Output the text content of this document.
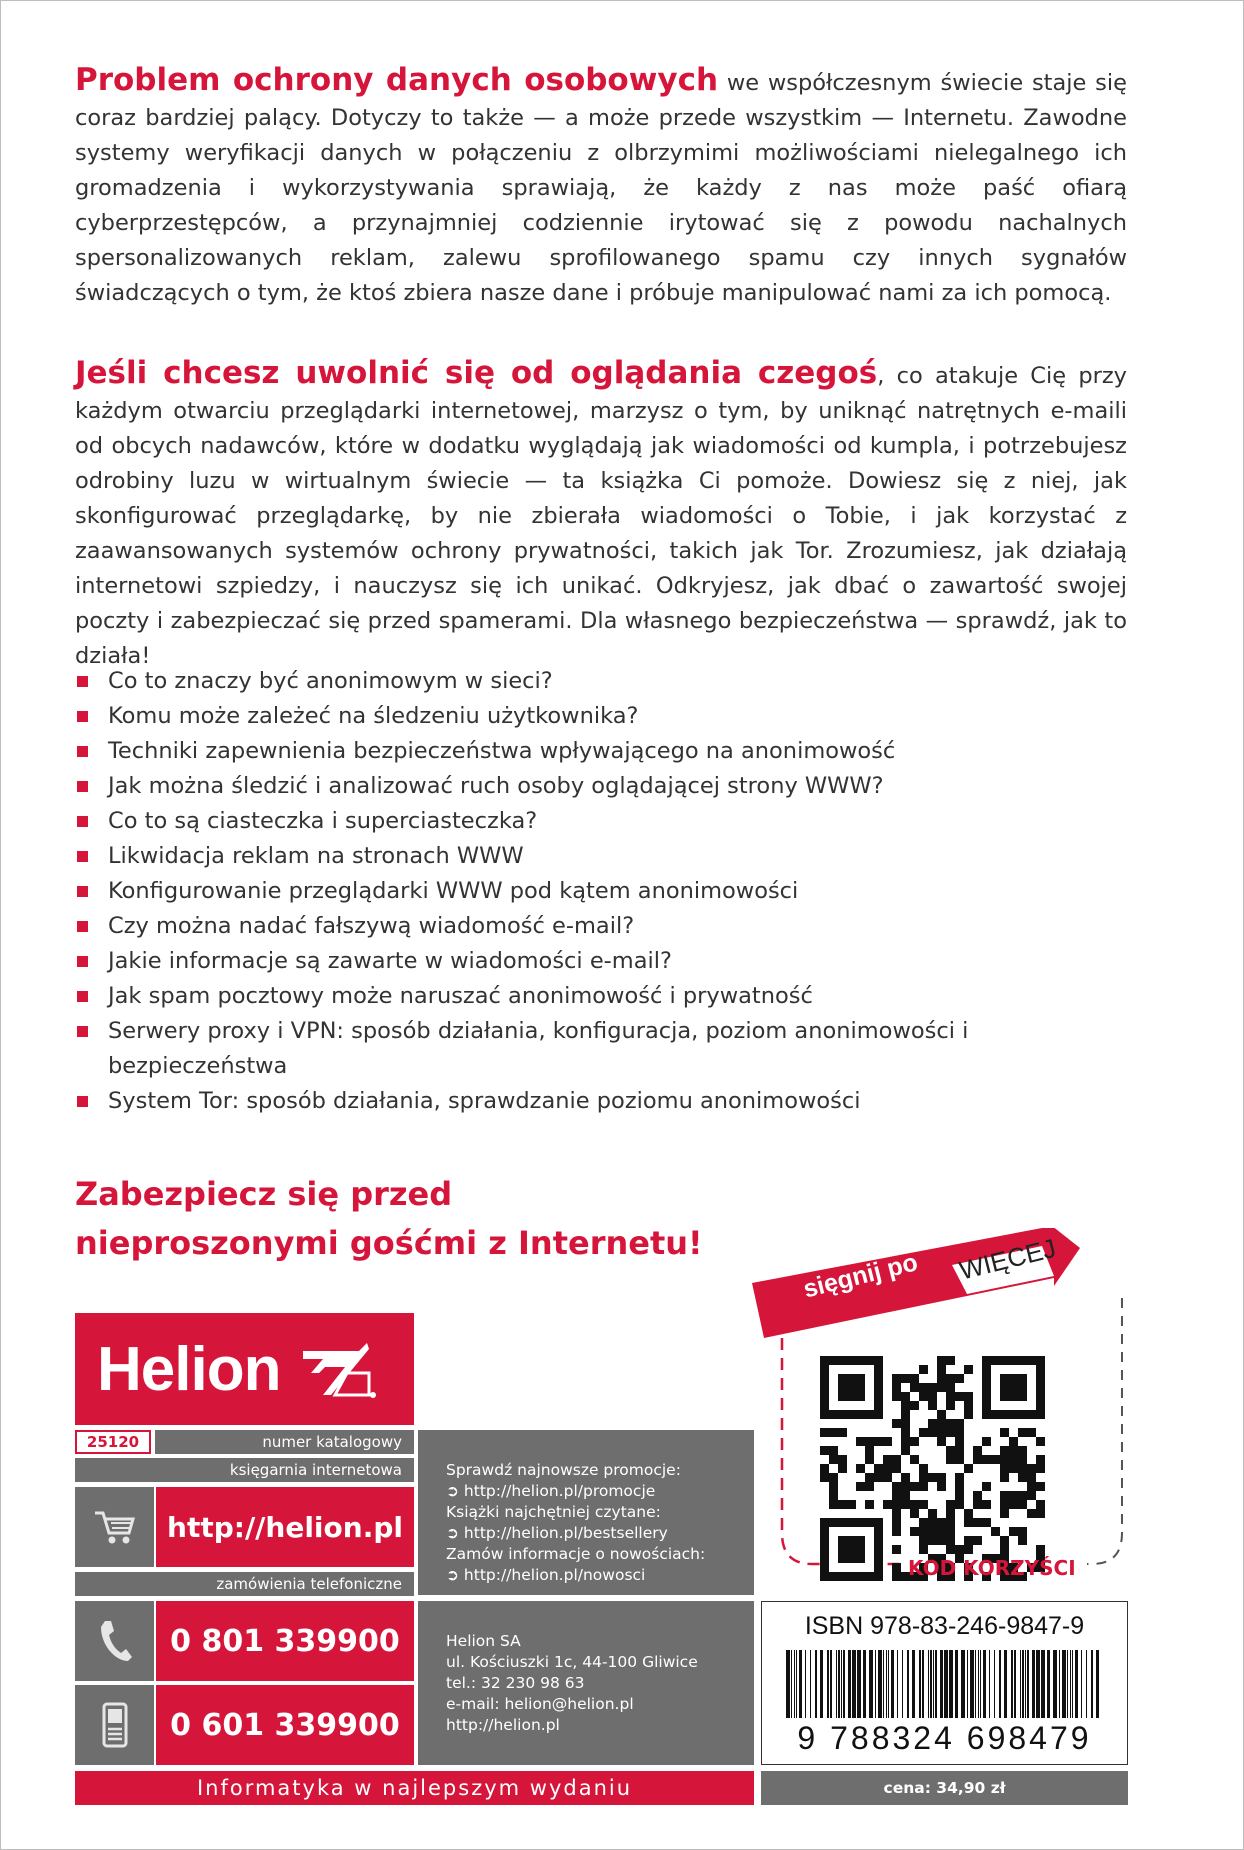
Problem ochrony danych osobowych we współczesnym świecie staje się coraz bardziej palący. Dotyczy to także — a może przede wszystkim — Internetu. Zawodne systemy weryfikacji danych w połączeniu z olbrzymimi możliwościami nielegalnego ich gromadzenia i wykorzystywania sprawiają, że każdy z nas może paść ofiarą cyberprzestępców, a przynajmniej codziennie irytować się z powodu nachalnych spersonalizowanych reklam, zalewu sprofilowanego spamu czy innych sygnałów świadczących o tym, że ktoś zbiera nasze dane i próbuje manipulować nami za ich pomocą.

Jeśli chcesz uwolnić się od oglądania czegoś, co atakuje Cię przy każdym otwarciu przeglądarki internetowej, marzysz o tym, by uniknąć natrętnych e-maili od obcych nadawców, które w dodatku wyglądają jak wiadomości od kumpla, i potrzebujesz odrobiny luzu w wirtualnym świecie — ta książka Ci pomoże. Dowiesz się z niej, jak skonfigurować przeglądarkę, by nie zbierała wiadomości o Tobie, i jak korzystać z zaawansowanych systemów ochrony prywatności, takich jak Tor. Zrozumiesz, jak działają internetowi szpiedzy, i nauczysz się ich unikać. Odkryjesz, jak dbać o zawartość swojej poczty i zabezpieczać się przed spamerami. Dla własnego bezpieczeństwa — sprawdź, jak to działa!

Co to znaczy być anonimowym w sieci?
Komu może zależeć na śledzeniu użytkownika?
Techniki zapewnienia bezpieczeństwa wpływającego na anonimowość
Jak można śledzić i analizować ruch osoby oglądającej strony WWW?
Co to są ciasteczka i superciasteczka?
Likwidacja reklam na stronach WWW
Konfigurowanie przeglądarki WWW pod kątem anonimowości
Czy można nadać fałszywą wiadomość e-mail?
Jakie informacje są zawarte w wiadomości e-mail?
Jak spam pocztowy może naruszać anonimowość i prywatność
Serwery proxy i VPN: sposób działania, konfiguracja, poziom anonimowości i bezpieczeństwa
System Tor: sposób działania, sprawdzanie poziomu anonimowości
Zabezpiecz się przed
nieproszonymi gośćmi z Internetu!
Helion
25120	numer katalogowy
księgarnia internetowa
http://helion.pl
zamówienia telefoniczne
0 801 339900
0 601 339900
Sprawdź najnowsze promocje:
➲ http://helion.pl/promocje
Książki najchętniej czytane:
➲ http://helion.pl/bestsellery
Zamów informacje o nowościach:
➲ http://helion.pl/nowosci
Helion SA
ul. Kościuszki 1c, 44-100 Gliwice
tel.: 32 230 98 63
e-mail: helion@helion.pl
http://helion.pl
Informatyka w najlepszym wydaniu	cena: 34,90 zł
ISBN 978-83-246-9847-9
9 788324 698479
sięgnij po WIĘCEJ
KOD KORZYŚCI
